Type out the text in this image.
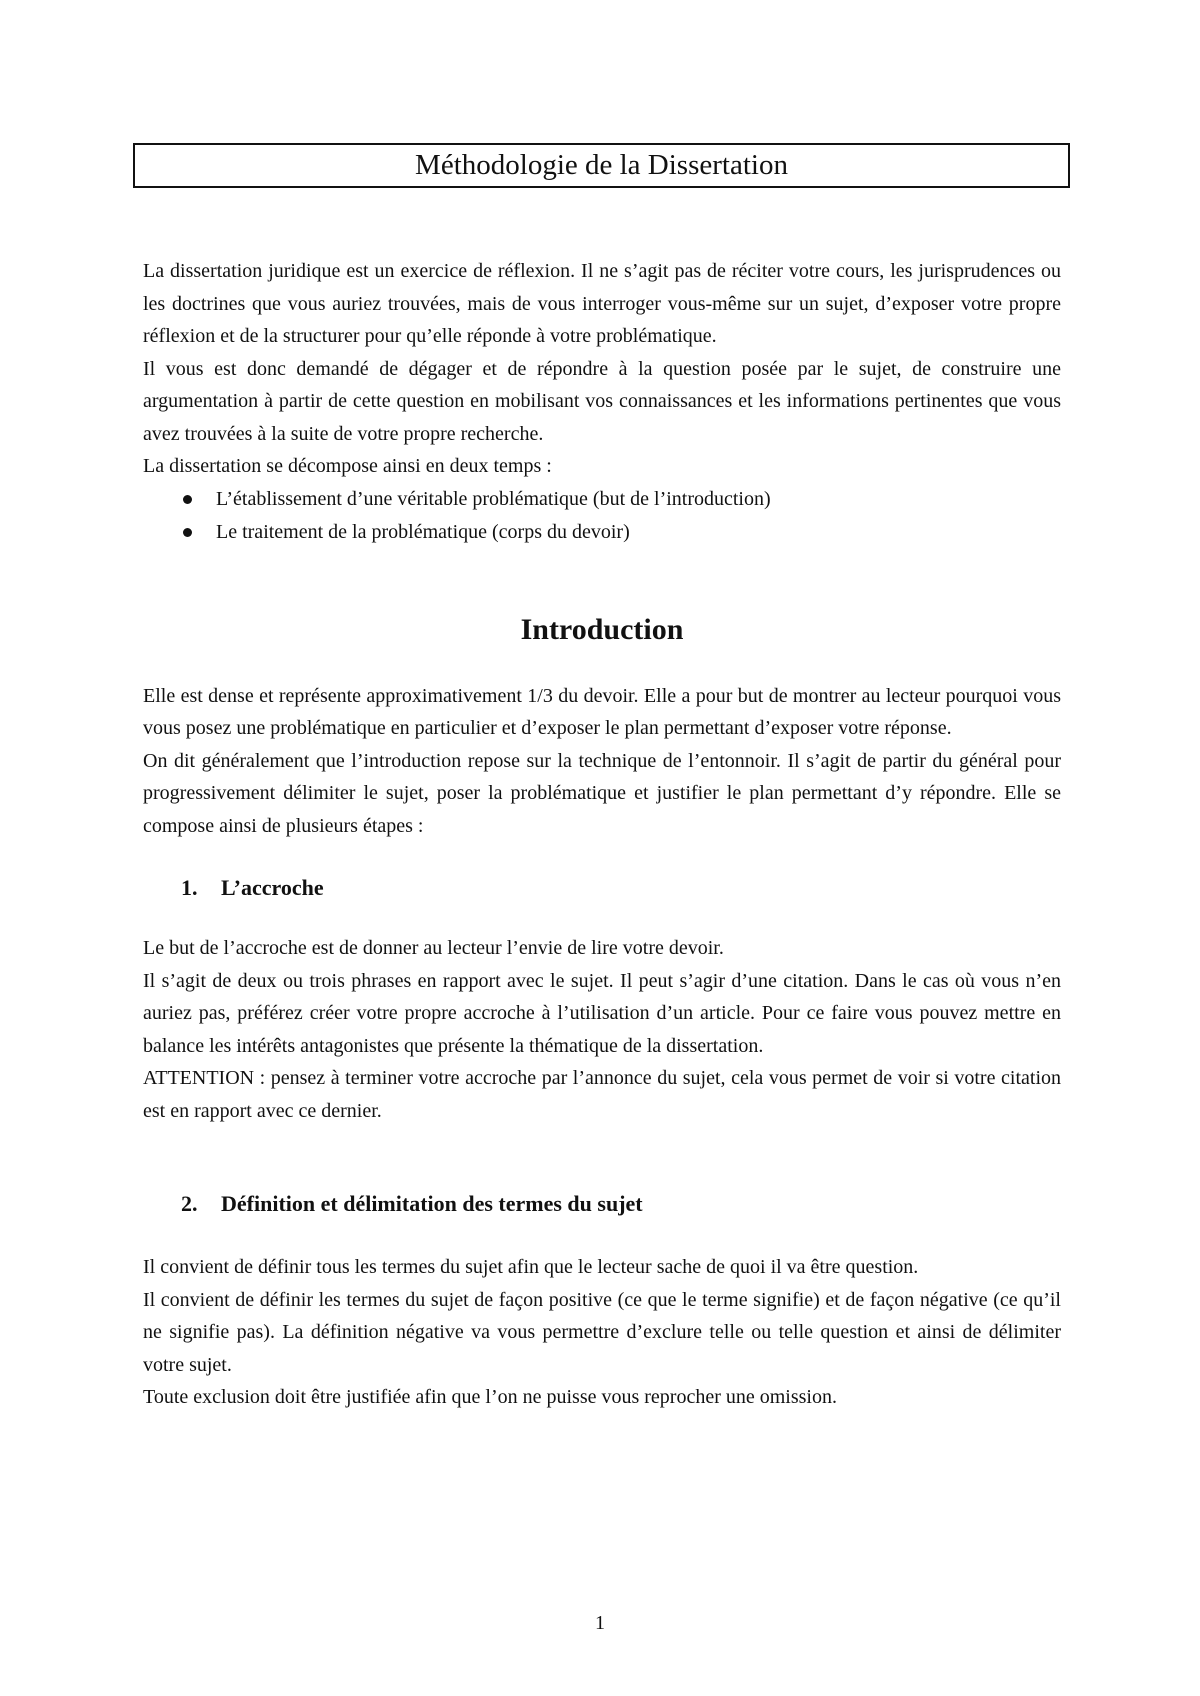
Méthodologie de la Dissertation

La dissertation juridique est un exercice de réflexion. Il ne s’agit pas de réciter votre cours, les jurisprudences ou les doctrines que vous auriez trouvées, mais de vous interroger vous-même sur un sujet, d’exposer votre propre réflexion et de la structurer pour qu’elle réponde à votre problématique.

Il vous est donc demandé de dégager et de répondre à la question posée par le sujet, de construire une argumentation à partir de cette question en mobilisant vos connaissances et les informations pertinentes que vous avez trouvées à la suite de votre propre recherche.

La dissertation se décompose ainsi en deux temps :

L’établissement d’une véritable problématique (but de l’introduction)
Le traitement de la problématique (corps du devoir)
Introduction

Elle est dense et représente approximativement 1/3 du devoir. Elle a pour but de montrer au lecteur pourquoi vous vous posez une problématique en particulier et d’exposer le plan permettant d’exposer votre réponse.

On dit généralement que l’introduction repose sur la technique de l’entonnoir. Il s’agit de partir du général pour progressivement délimiter le sujet, poser la problématique et justifier le plan permettant d’y répondre. Elle se compose ainsi de plusieurs étapes :

1. L’accroche

Le but de l’accroche est de donner au lecteur l’envie de lire votre devoir.

Il s’agit de deux ou trois phrases en rapport avec le sujet. Il peut s’agir d’une citation. Dans le cas où vous n’en auriez pas, préférez créer votre propre accroche à l’utilisation d’un article. Pour ce faire vous pouvez mettre en balance les intérêts antagonistes que présente la thématique de la dissertation.

ATTENTION : pensez à terminer votre accroche par l’annonce du sujet, cela vous permet de voir si votre citation est en rapport avec ce dernier.

2. Définition et délimitation des termes du sujet

Il convient de définir tous les termes du sujet afin que le lecteur sache de quoi il va être question.

Il convient de définir les termes du sujet de façon positive (ce que le terme signifie) et de façon négative (ce qu’il ne signifie pas). La définition négative va vous permettre d’exclure telle ou telle question et ainsi de délimiter votre sujet.

Toute exclusion doit être justifiée afin que l’on ne puisse vous reprocher une omission.

1
